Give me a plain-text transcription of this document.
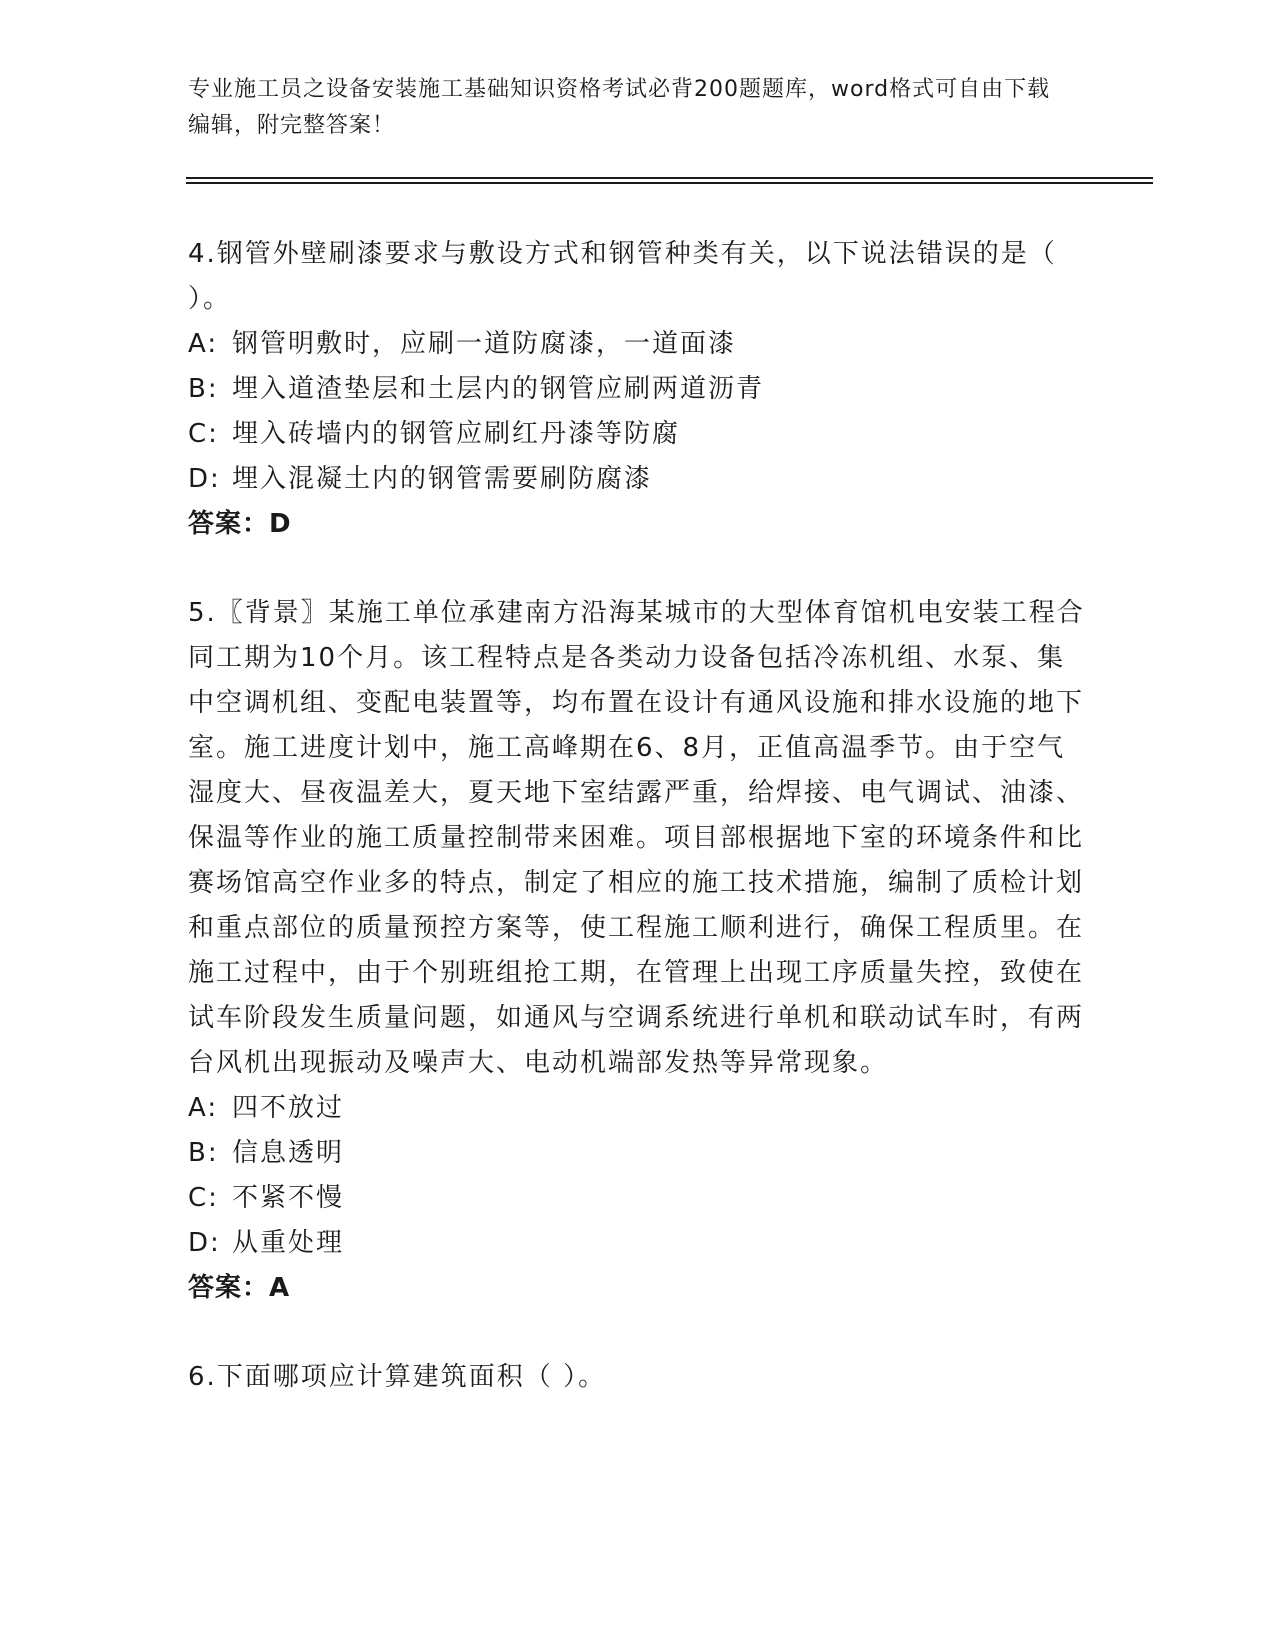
专业施工员之设备安装施工基础知识资格考试必背200题题库，word格式可自由下载编辑，附完整答案！
4.钢管外壁刷漆要求与敷设方式和钢管种类有关，以下说法错误的是（ ）。
A: 钢管明敷时，应刷一道防腐漆，一道面漆
B: 埋入道渣垫层和土层内的钢管应刷两道沥青
C: 埋入砖墙内的钢管应刷红丹漆等防腐
D: 埋入混凝土内的钢管需要刷防腐漆
答案：D
5.〖背景〗某施工单位承建南方沿海某城市的大型体育馆机电安装工程合同工期为10个月。该工程特点是各类动力设备包括冷冻机组、水泵、集中空调机组、变配电装置等，均布置在设计有通风设施和排水设施的地下室。施工进度计划中，施工高峰期在6、8月，正值高温季节。由于空气湿度大、昼夜温差大，夏天地下室结露严重，给焊接、电气调试、油漆、保温等作业的施工质量控制带来困难。项目部根据地下室的环境条件和比赛场馆高空作业多的特点，制定了相应的施工技术措施，编制了质检计划和重点部位的质量预控方案等，使工程施工顺利进行，确保工程质里。在施工过程中，由于个别班组抢工期，在管理上出现工序质量失控，致使在试车阶段发生质量问题，如通风与空调系统进行单机和联动试车时，有两台风机出现振动及噪声大、电动机端部发热等异常现象。
A: 四不放过
B: 信息透明
C: 不紧不慢
D: 从重处理
答案：A
6.下面哪项应计算建筑面积（ ）。
